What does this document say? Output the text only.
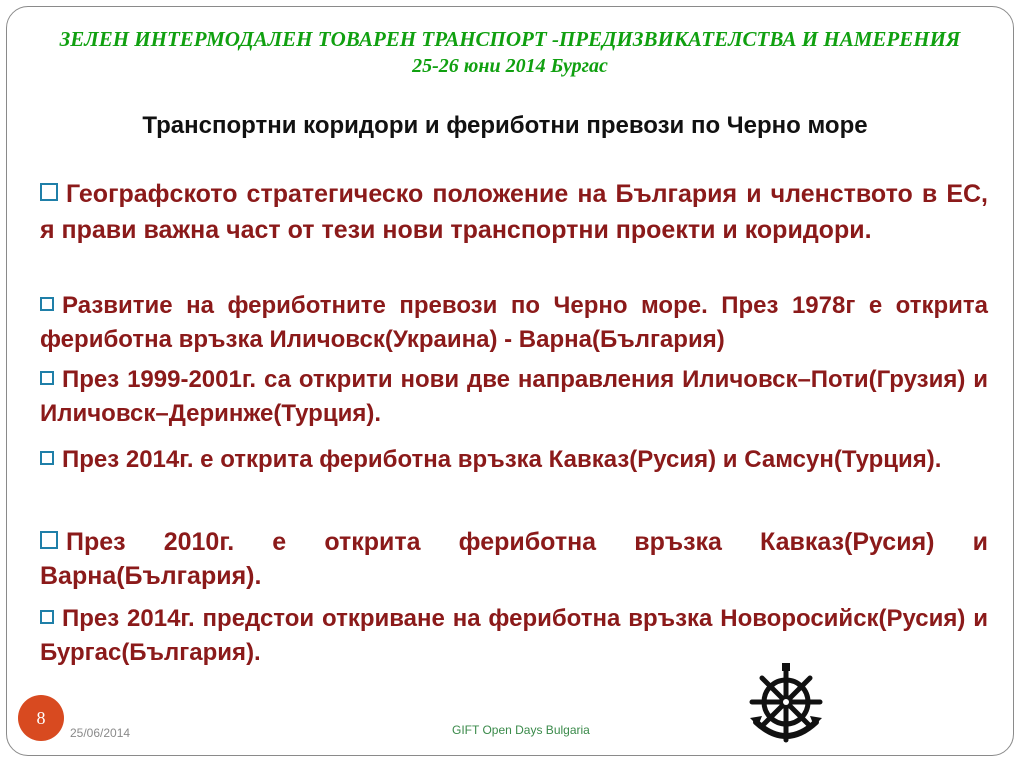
ЗЕЛЕН ИНТЕРМОДАЛЕН ТОВАРЕН ТРАНСПОРТ -ПРЕДИЗВИКАТЕЛСТВА И НАМЕРЕНИЯ
25-26 юни 2014 Бургас
Транспортни коридори и фериботни превози по Черно море
Географското стратегическо положение на България и членството в ЕС, я прави важна част от тези нови транспортни проекти и коридори.
Развитие на фериботните превози по Черно море. През 1978г е открита фериботна връзка Иличовск(Украина) - Варна(България)
През 1999-2001г. са открити нови две направления Иличовск–Поти(Грузия) и Иличовск–Деринже(Турция).
През 2014г. е открита фериботна връзка Кавказ(Русия) и Самсун(Турция).
През 2010г. е открита фериботна връзка Кавказ(Русия) и Варна(България).
През 2014г. предстои откриване на фериботна връзка Новоросийск(Русия) и Бургас(България).
8
25/06/2014	GIFT Open Days Bulgaria
